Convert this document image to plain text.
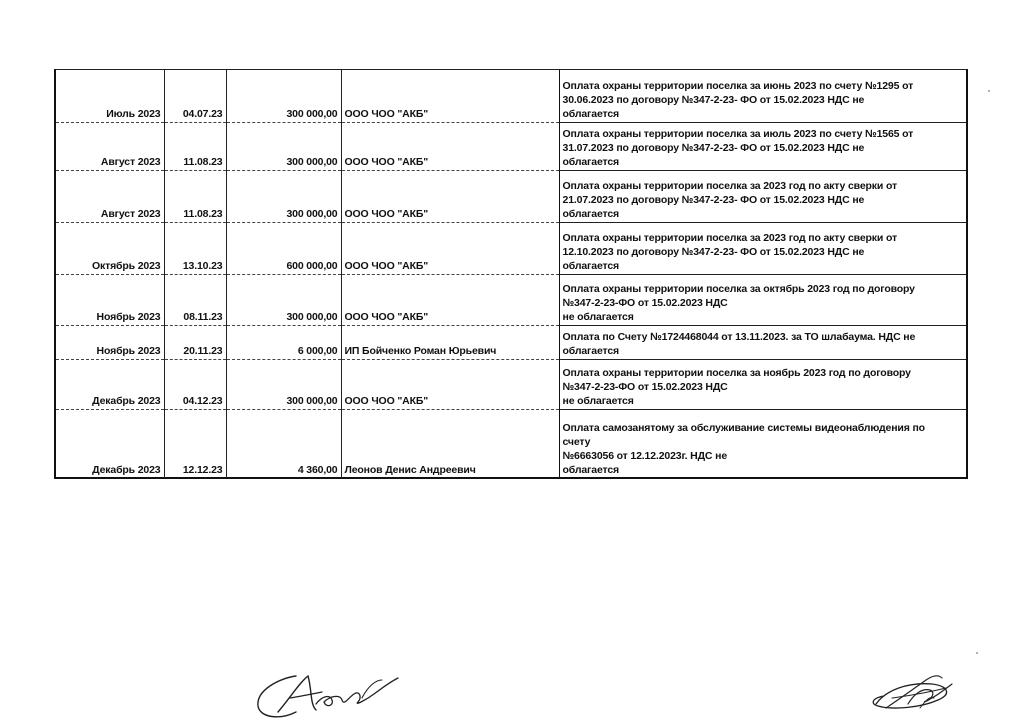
Июль 2023	04.07.23	300 000,00	ООО ЧОО "АКБ"	Оплата охраны территории поселка за июнь 2023 по счету №1295 от
30.06.2023 по договору №347-2-23- ФО от 15.02.2023 НДС не
облагается
Август 2023	11.08.23	300 000,00	ООО ЧОО "АКБ"	Оплата охраны территории поселка за июль 2023 по счету №1565 от
31.07.2023 по договору №347-2-23- ФО от 15.02.2023 НДС не
облагается
Август 2023	11.08.23	300 000,00	ООО ЧОО "АКБ"	Оплата охраны территории поселка за 2023 год по акту сверки от
21.07.2023 по договору №347-2-23- ФО от 15.02.2023 НДС не
облагается
Октябрь 2023	13.10.23	600 000,00	ООО ЧОО "АКБ"	Оплата охраны территории поселка за 2023 год по акту сверки от
12.10.2023 по договору №347-2-23- ФО от 15.02.2023 НДС не
облагается
Ноябрь 2023	08.11.23	300 000,00	ООО ЧОО "АКБ"	Оплата охраны территории поселка за октябрь 2023 год по договору
№347-2-23-ФО от 15.02.2023 НДС
не облагается
Ноябрь 2023	20.11.23	6 000,00	ИП Бойченко Роман Юрьевич	Оплата по Счету №1724468044 от 13.11.2023. за ТО шлабаума. НДС не
облагается
Декабрь 2023	04.12.23	300 000,00	ООО ЧОО "АКБ"	Оплата охраны территории поселка за ноябрь 2023 год по договору
№347-2-23-ФО от 15.02.2023 НДС
не облагается
Декабрь 2023	12.12.23	4 360,00	Леонов Денис Андреевич	Оплата самозанятому за обслуживание системы видеонаблюдения по
счету
№6663056 от 12.12.2023г. НДС не
облагается
